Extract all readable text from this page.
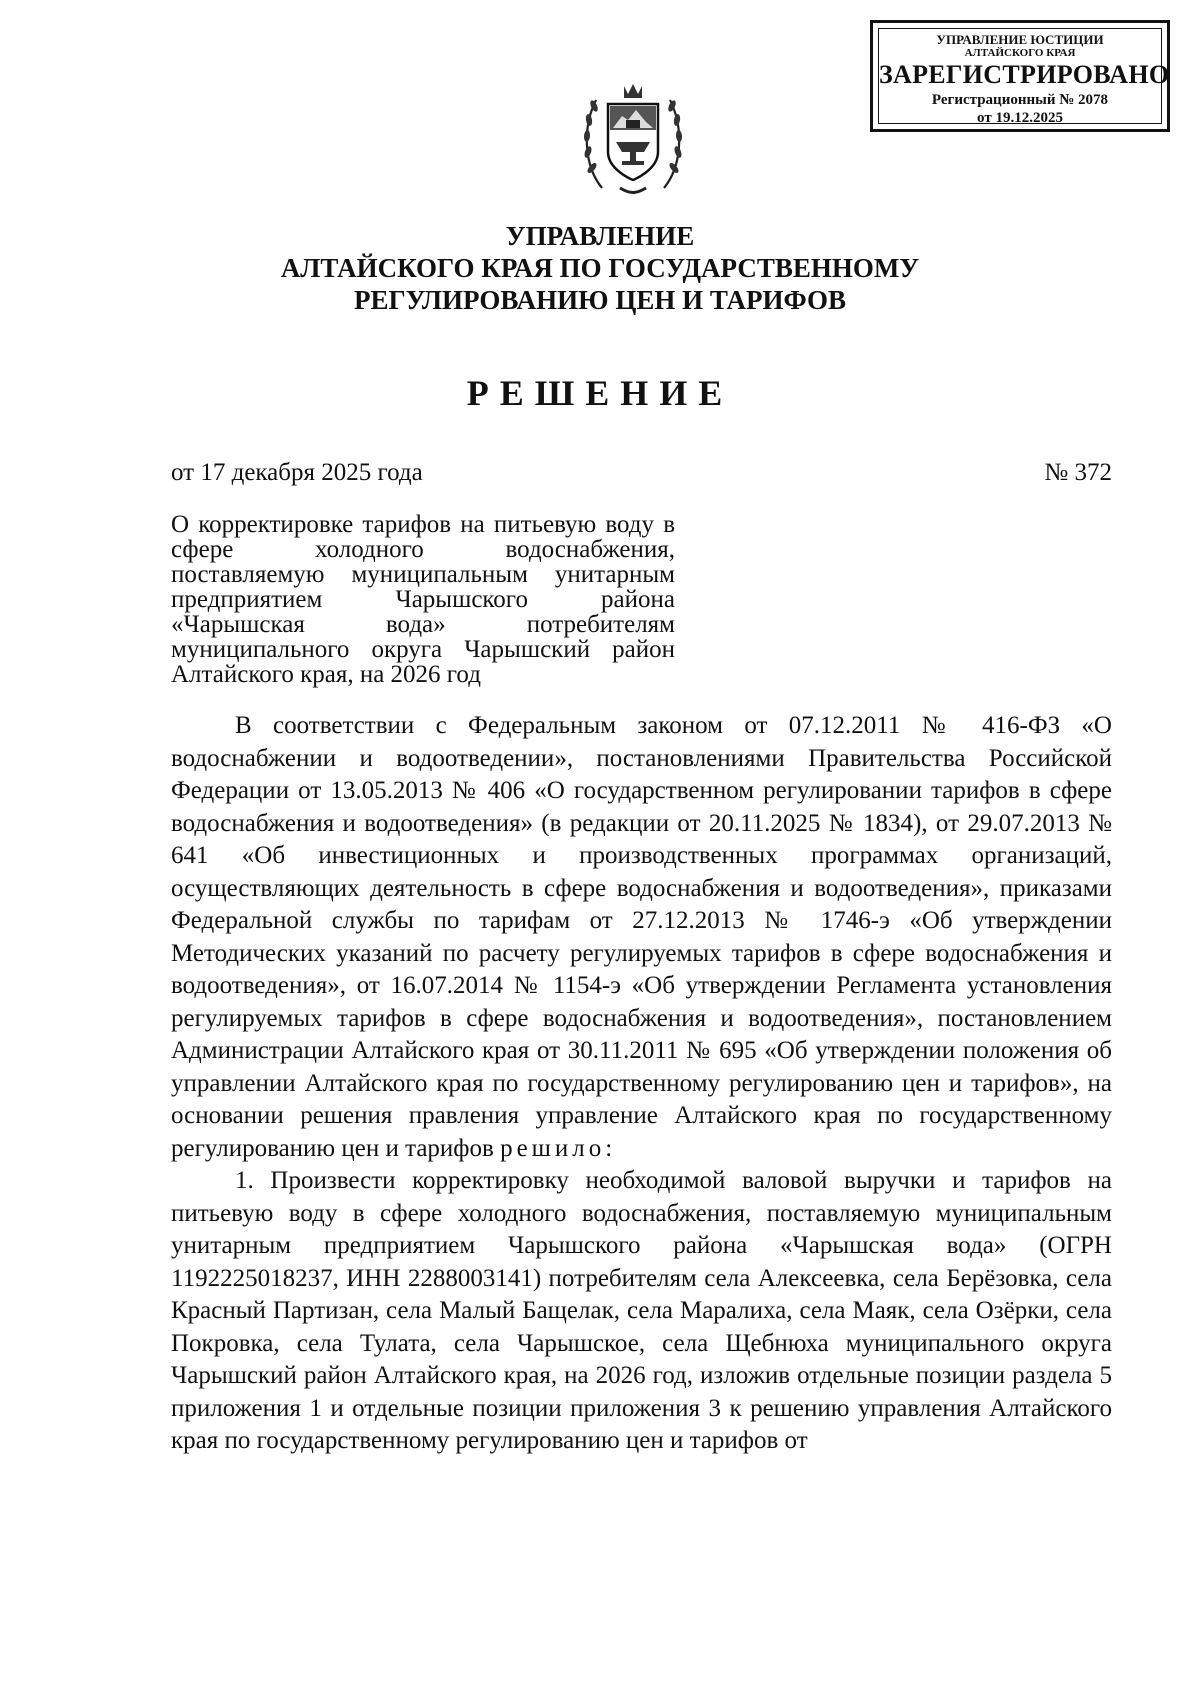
УПРАВЛЕНИЕ ЮСТИЦИИ
АЛТАЙСКОГО КРАЯ
ЗАРЕГИСТРИРОВАНО
Регистрационный № 2078
от 19.12.2025
УПРАВЛЕНИЕ
АЛТАЙСКОГО КРАЯ ПО ГОСУДАРСТВЕННОМУ
РЕГУЛИРОВАНИЮ ЦЕН И ТАРИФОВ
РЕШЕНИЕ
от 17 декабря 2025 года	№ 372
О корректировке тарифов на питьевую воду в сфере холодного водоснабжения, поставляемую муниципальным унитарным предприятием Чарышского района «Чарышская вода» потребителям муниципального округа Чарышский район Алтайского края, на 2026 год

В соответствии с Федеральным законом от 07.12.2011 № 416-ФЗ «О водоснабжении и водоотведении», постановлениями Правительства Российской Федерации от 13.05.2013 № 406 «О государственном регулировании тарифов в сфере водоснабжения и водоотведения» (в редакции от 20.11.2025 № 1834), от 29.07.2013 № 641 «Об инвестиционных и производственных программах организаций, осуществляющих деятельность в сфере водоснабжения и водоотведения», приказами Федеральной службы по тарифам от 27.12.2013 № 1746-э «Об утверждении Методических указаний по расчету регулируемых тарифов в сфере водоснабжения и водоотведения», от 16.07.2014 № 1154-э «Об утверждении Регламента установления регулируемых тарифов в сфере водоснабжения и водоотведения», постановлением Администрации Алтайского края от 30.11.2011 № 695 «Об утверждении положения об управлении Алтайского края по государственному регулированию цен и тарифов», на основании решения правления управление Алтайского края по государственному регулированию цен и тарифов решило:

1. Произвести корректировку необходимой валовой выручки и тарифов на питьевую воду в сфере холодного водоснабжения, поставляемую муниципальным унитарным предприятием Чарышского района «Чарышская вода» (ОГРН 1192225018237, ИНН 2288003141) потребителям села Алексеевка, села Берёзовка, села Красный Партизан, села Малый Бащелак, села Маралиха, села Маяк, села Озёрки, села Покровка, села Тулата, села Чарышское, села Щебнюха муниципального округа Чарышский район Алтайского края, на 2026 год, изложив отдельные позиции раздела 5 приложения 1 и отдельные позиции приложения 3 к решению управления Алтайского края по государственному регулированию цен и тарифов от
